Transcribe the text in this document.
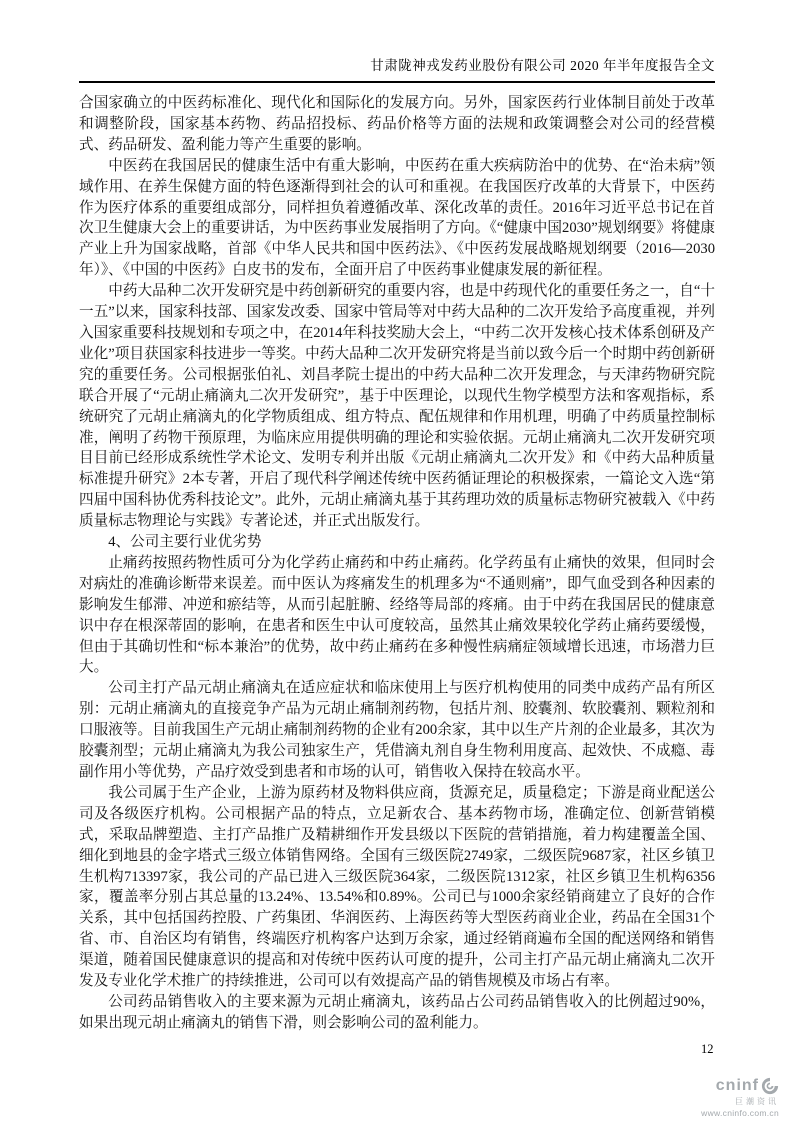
甘肃陇神戎发药业股份有限公司 2020 年半年度报告全文

合国家确立的中医药标准化、现代化和国际化的发展方向。另外，国家医药行业体制目前处于改革和调整阶段，国家基本药物、药品招投标、药品价格等方面的法规和政策调整会对公司的经营模式、药品研发、盈利能力等产生重要的影响。

中医药在我国居民的健康生活中有重大影响，中医药在重大疾病防治中的优势、在“治未病”领域作用、在养生保健方面的特色逐渐得到社会的认可和重视。在我国医疗改革的大背景下，中医药作为医疗体系的重要组成部分，同样担负着遵循改革、深化改革的责任。2016年习近平总书记在首次卫生健康大会上的重要讲话，为中医药事业发展指明了方向。《“健康中国2030”规划纲要》将健康产业上升为国家战略，首部《中华人民共和国中医药法》、《中医药发展战略规划纲要（2016—2030年）》、《中国的中医药》白皮书的发布，全面开启了中医药事业健康发展的新征程。

中药大品种二次开发研究是中药创新研究的重要内容，也是中药现代化的重要任务之一，自“十一五”以来，国家科技部、国家发改委、国家中管局等对中药大品种的二次开发给予高度重视，并列入国家重要科技规划和专项之中，在2014年科技奖励大会上，“中药二次开发核心技术体系创研及产业化”项目获国家科技进步一等奖。中药大品种二次开发研究将是当前以致今后一个时期中药创新研究的重要任务。公司根据张伯礼、刘昌孝院士提出的中药大品种二次开发理念，与天津药物研究院联合开展了“元胡止痛滴丸二次开发研究”，基于中医理论，以现代生物学模型方法和客观指标，系统研究了元胡止痛滴丸的化学物质组成、组方特点、配伍规律和作用机理，明确了中药质量控制标准，阐明了药物干预原理，为临床应用提供明确的理论和实验依据。元胡止痛滴丸二次开发研究项目目前已经形成系统性学术论文、发明专利并出版《元胡止痛滴丸二次开发》和《中药大品种质量标准提升研究》2本专著，开启了现代科学阐述传统中医药循证理论的积极探索，一篇论文入选“第四届中国科协优秀科技论文”。此外，元胡止痛滴丸基于其药理功效的质量标志物研究被载入《中药质量标志物理论与实践》专著论述，并正式出版发行。

4、公司主要行业优劣势

止痛药按照药物性质可分为化学药止痛药和中药止痛药。化学药虽有止痛快的效果，但同时会对病灶的准确诊断带来误差。而中医认为疼痛发生的机理多为“不通则痛”，即气血受到各种因素的影响发生郁滞、冲逆和瘀结等，从而引起脏腑、经络等局部的疼痛。由于中药在我国居民的健康意识中存在根深蒂固的影响，在患者和医生中认可度较高，虽然其止痛效果较化学药止痛药要缓慢，但由于其确切性和“标本兼治”的优势，故中药止痛药在多种慢性病痛症领域增长迅速，市场潜力巨大。

公司主打产品元胡止痛滴丸在适应症状和临床使用上与医疗机构使用的同类中成药产品有所区别：元胡止痛滴丸的直接竞争产品为元胡止痛制剂药物，包括片剂、胶囊剂、软胶囊剂、颗粒剂和口服液等。目前我国生产元胡止痛制剂药物的企业有200余家，其中以生产片剂的企业最多，其次为胶囊剂型；元胡止痛滴丸为我公司独家生产，凭借滴丸剂自身生物利用度高、起效快、不成瘾、毒副作用小等优势，产品疗效受到患者和市场的认可，销售收入保持在较高水平。

我公司属于生产企业，上游为原药材及物料供应商，货源充足，质量稳定；下游是商业配送公司及各级医疗机构。公司根据产品的特点，立足新农合、基本药物市场，准确定位、创新营销模式，采取品牌塑造、主打产品推广及精耕细作开发县级以下医院的营销措施，着力构建覆盖全国、细化到地县的金字塔式三级立体销售网络。全国有三级医院2749家，二级医院9687家，社区乡镇卫生机构713397家，我公司的产品已进入三级医院364家，二级医院1312家，社区乡镇卫生机构6356家，覆盖率分别占其总量的13.24%、13.54%和0.89%。公司已与1000余家经销商建立了良好的合作关系，其中包括国药控股、广药集团、华润医药、上海医药等大型医药商业企业，药品在全国31个省、市、自治区均有销售，终端医疗机构客户达到万余家，通过经销商遍布全国的配送网络和销售渠道，随着国民健康意识的提高和对传统中医药认可度的提升，公司主打产品元胡止痛滴丸二次开发及专业化学术推广的持续推进，公司可以有效提高产品的销售规模及市场占有率。

公司药品销售收入的主要来源为元胡止痛滴丸，该药品占公司药品销售收入的比例超过90%，如果出现元胡止痛滴丸的销售下滑，则会影响公司的盈利能力。

12
cninf
巨潮资讯
www.cninfo.com.cn
